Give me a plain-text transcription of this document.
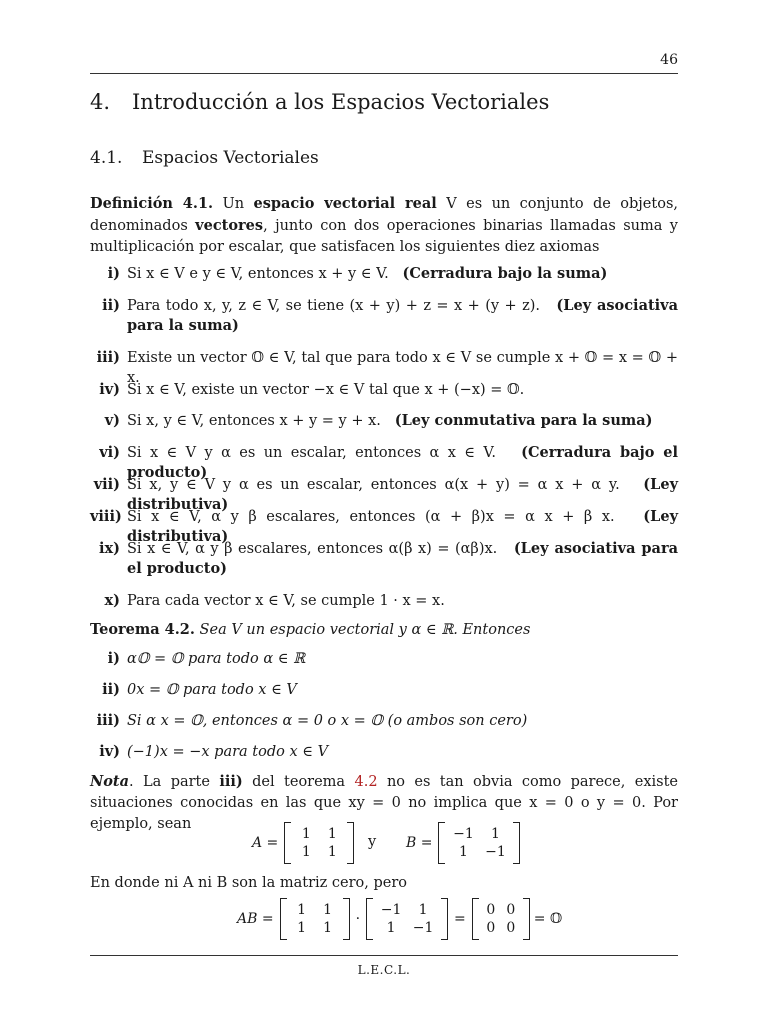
46
4. Introducción a los Espacios Vectoriales
4.1. Espacios Vectoriales
Definición 4.1. Un espacio vectorial real V es un conjunto de objetos, denominados vectores, junto con dos operaciones binarias llamadas suma y multiplicación por escalar, que satisfacen los siguientes diez axiomas
i) Si x ∈ V e y ∈ V, entonces x + y ∈ V. (Cerradura bajo la suma)
ii) Para todo x, y, z ∈ V, se tiene (x + y) + z = x + (y + z). (Ley asociativa para la suma)
iii) Existe un vector 𝕆 ∈ V, tal que para todo x ∈ V se cumple x + 𝕆 = x = 𝕆 + x.
iv) Si x ∈ V, existe un vector −x ∈ V tal que x + (−x) = 𝕆.
v) Si x, y ∈ V, entonces x + y = y + x. (Ley conmutativa para la suma)
vi) Si x ∈ V y α es un escalar, entonces α x ∈ V. (Cerradura bajo el producto)
vii) Si x, y ∈ V y α es un escalar, entonces α(x + y) = α x + α y. (Ley distributiva)
viii) Si x ∈ V, α y β escalares, entonces (α + β)x = α x + β x. (Ley distributiva)
ix) Si x ∈ V, α y β escalares, entonces α(β x) = (αβ)x. (Ley asociativa para el producto)
x) Para cada vector x ∈ V, se cumple 1 · x = x.
Teorema 4.2. Sea V un espacio vectorial y α ∈ ℝ. Entonces
i) α𝕆 = 𝕆 para todo α ∈ ℝ
ii) 0x = 𝕆 para todo x ∈ V
iii) Si α x = 𝕆, entonces α = 0 o x = 𝕆 (o ambos son cero)
iv) (−1)x = −x para todo x ∈ V
Nota. La parte iii) del teorema 4.2 no es tan obvia como parece, existe situaciones conocidas en las que xy = 0 no implica que x = 0 o y = 0. Por ejemplo, sean
A =
1	1
1	1
y B =
−1	1
1	−1
En donde ni A ni B son la matriz cero, pero
AB =
1	1
1	1
·
−1	1
1	−1
=
0 0
0 0
= 𝕆
L.E.C.L.
